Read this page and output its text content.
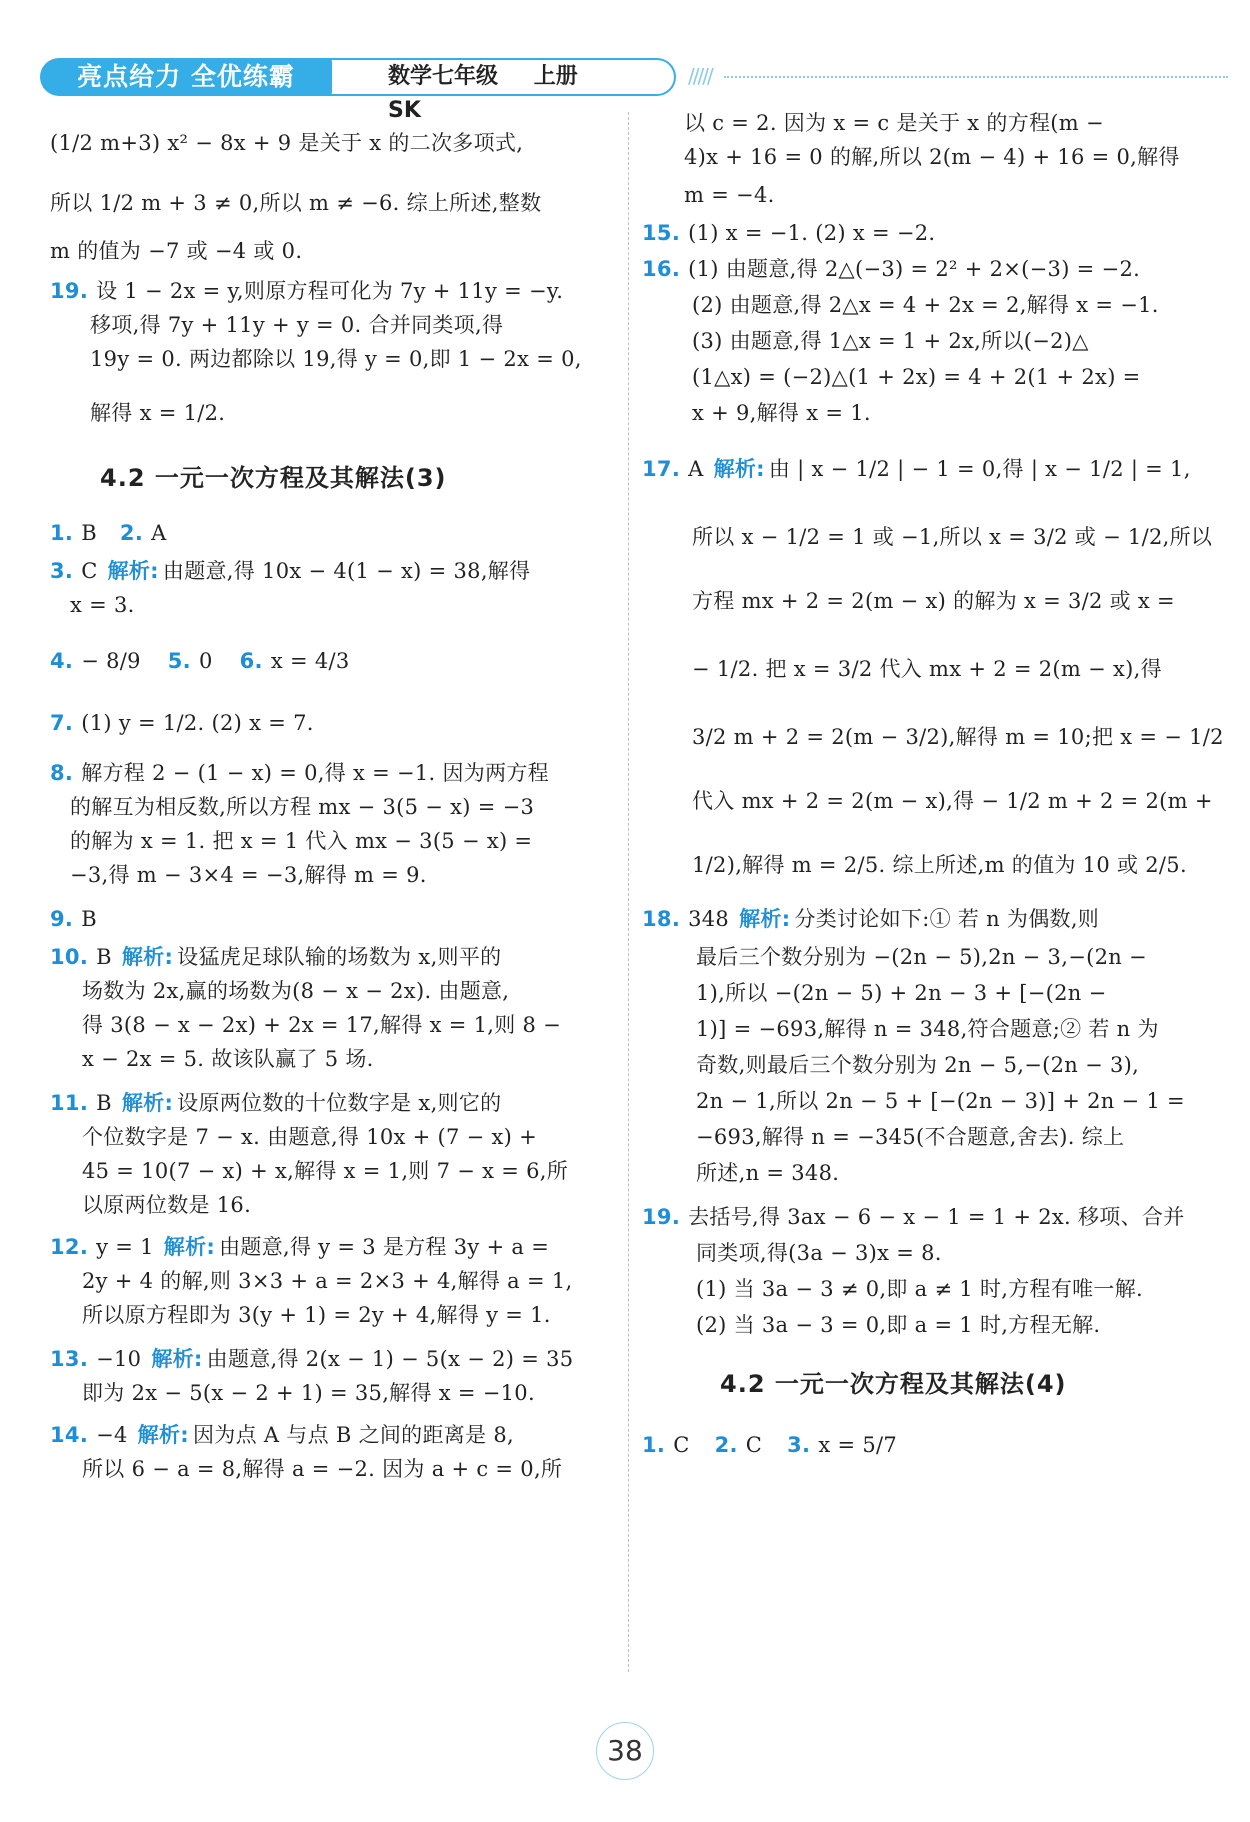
亮点给力 全优练霸	数学七年级 上册 SK
/////
(1/2 m+3) x² − 8x + 9 是关于 x 的二次多项式,
所以 1/2 m + 3 ≠ 0,所以 m ≠ −6. 综上所述,整数
m 的值为 −7 或 −4 或 0.
19. 设 1 − 2x = y,则原方程可化为 7y + 11y = −y.
移项,得 7y + 11y + y = 0. 合并同类项,得
19y = 0. 两边都除以 19,得 y = 0,即 1 − 2x = 0,
解得 x = 1/2.
4.2 一元一次方程及其解法(3)
1. B 2. A
3. C 解析: 由题意,得 10x − 4(1 − x) = 38,解得
x = 3.
4. − 8/9 5. 0 6. x = 4/3
7. (1) y = 1/2. (2) x = 7.
8. 解方程 2 − (1 − x) = 0,得 x = −1. 因为两方程
的解互为相反数,所以方程 mx − 3(5 − x) = −3
的解为 x = 1. 把 x = 1 代入 mx − 3(5 − x) =
−3,得 m − 3×4 = −3,解得 m = 9.
9. B
10. B 解析: 设猛虎足球队输的场数为 x,则平的
场数为 2x,赢的场数为(8 − x − 2x). 由题意,
得 3(8 − x − 2x) + 2x = 17,解得 x = 1,则 8 −
x − 2x = 5. 故该队赢了 5 场.
11. B 解析: 设原两位数的十位数字是 x,则它的
个位数字是 7 − x. 由题意,得 10x + (7 − x) +
45 = 10(7 − x) + x,解得 x = 1,则 7 − x = 6,所
以原两位数是 16.
12. y = 1 解析: 由题意,得 y = 3 是方程 3y + a =
2y + 4 的解,则 3×3 + a = 2×3 + 4,解得 a = 1,
所以原方程即为 3(y + 1) = 2y + 4,解得 y = 1.
13. −10 解析: 由题意,得 2(x − 1) − 5(x − 2) = 35
即为 2x − 5(x − 2 + 1) = 35,解得 x = −10.
14. −4 解析: 因为点 A 与点 B 之间的距离是 8,
所以 6 − a = 8,解得 a = −2. 因为 a + c = 0,所
以 c = 2. 因为 x = c 是关于 x 的方程(m −
4)x + 16 = 0 的解,所以 2(m − 4) + 16 = 0,解得
m = −4.
15. (1) x = −1. (2) x = −2.
16. (1) 由题意,得 2△(−3) = 2² + 2×(−3) = −2.
(2) 由题意,得 2△x = 4 + 2x = 2,解得 x = −1.
(3) 由题意,得 1△x = 1 + 2x,所以(−2)△
(1△x) = (−2)△(1 + 2x) = 4 + 2(1 + 2x) =
x + 9,解得 x = 1.
17. A 解析: 由 | x − 1/2 | − 1 = 0,得 | x − 1/2 | = 1,
所以 x − 1/2 = 1 或 −1,所以 x = 3/2 或 − 1/2,所以
方程 mx + 2 = 2(m − x) 的解为 x = 3/2 或 x =
− 1/2. 把 x = 3/2 代入 mx + 2 = 2(m − x),得
3/2 m + 2 = 2(m − 3/2),解得 m = 10;把 x = − 1/2
代入 mx + 2 = 2(m − x),得 − 1/2 m + 2 = 2(m +
1/2),解得 m = 2/5. 综上所述,m 的值为 10 或 2/5.
18. 348 解析: 分类讨论如下:① 若 n 为偶数,则
最后三个数分别为 −(2n − 5),2n − 3,−(2n −
1),所以 −(2n − 5) + 2n − 3 + [−(2n −
1)] = −693,解得 n = 348,符合题意;② 若 n 为
奇数,则最后三个数分别为 2n − 5,−(2n − 3),
2n − 1,所以 2n − 5 + [−(2n − 3)] + 2n − 1 =
−693,解得 n = −345(不合题意,舍去). 综上
所述,n = 348.
19. 去括号,得 3ax − 6 − x − 1 = 1 + 2x. 移项、合并
同类项,得(3a − 3)x = 8.
(1) 当 3a − 3 ≠ 0,即 a ≠ 1 时,方程有唯一解.
(2) 当 3a − 3 = 0,即 a = 1 时,方程无解.
4.2 一元一次方程及其解法(4)
1. C 2. C 3. x = 5/7
38
